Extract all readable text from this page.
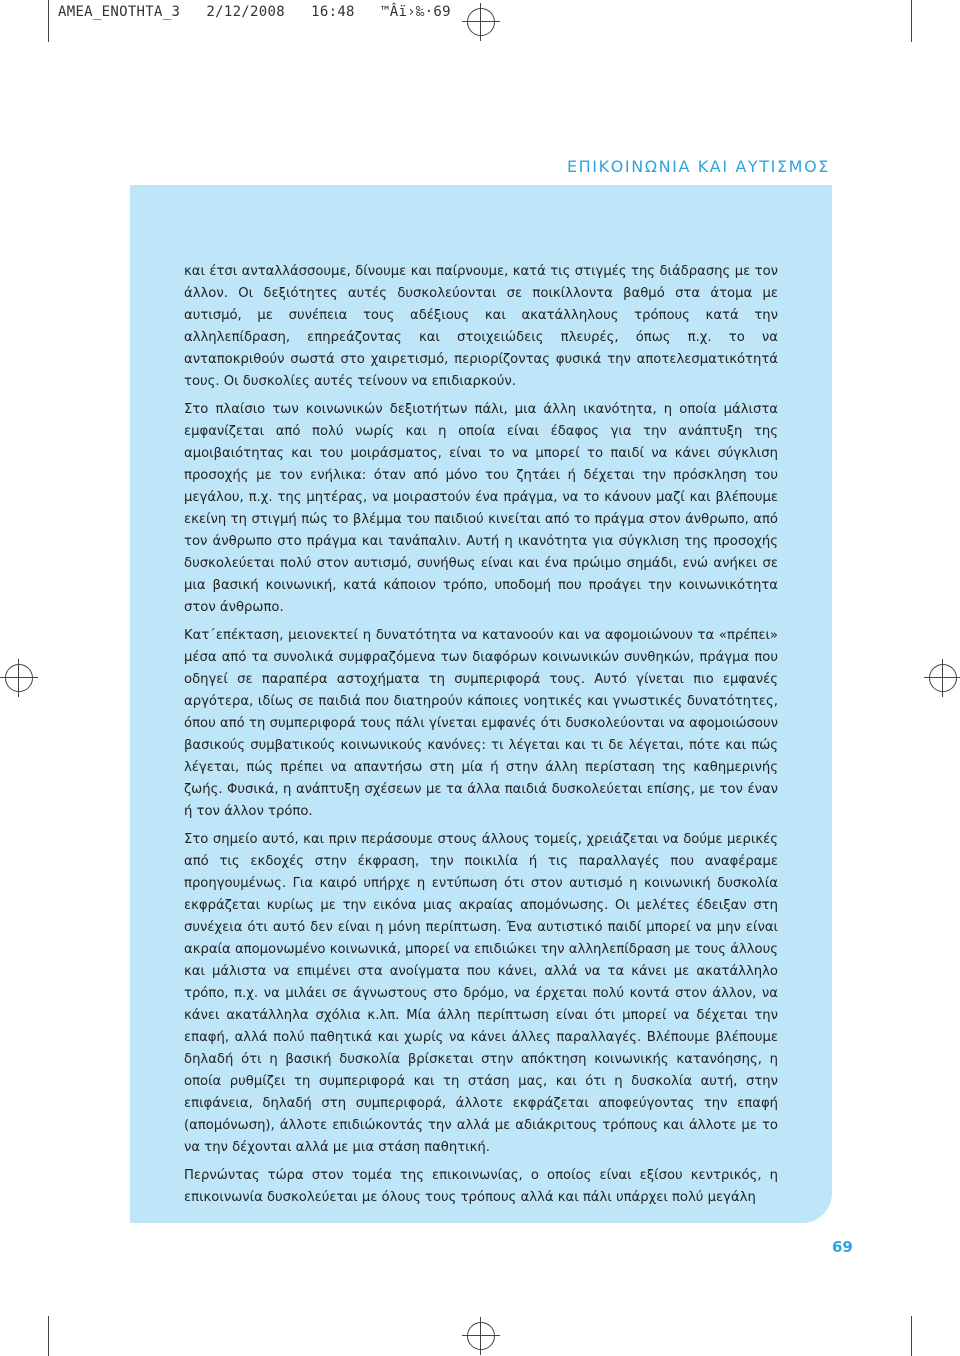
AMEA_ENOTHTA_3 2/12/2008 16:48 ™Âï›‰·69
ΕΠΙΚΟΙΝΩΝΙΑ ΚΑΙ ΑΥΤΙΣΜΟΣ

και έτσι ανταλλάσσουμε, δίνουμε και παίρνουμε, κατά τις στιγμές της διάδρασης με τον άλλον. Οι δεξιότητες αυτές δυσκολεύονται σε ποικίλλοντα βαθμό στα άτομα με αυτισμό, με συνέπεια τους αδέξιους και ακατάλληλους τρόπους κατά την αλληλεπίδραση, επηρεάζοντας και στοιχειώδεις πλευρές, όπως π.χ. το να ανταποκριθούν σωστά στο χαιρετισμό, περιορίζοντας φυσικά την αποτελεσματικότητά τους. Οι δυσκολίες αυτές τείνουν να επιδιαρκούν.

Στο πλαίσιο των κοινωνικών δεξιοτήτων πάλι, μια άλλη ικανότητα, η οποία μάλιστα εμφανίζεται από πολύ νωρίς και η οποία είναι έδαφος για την ανάπτυξη της αμοιβαιότητας και του μοιράσματος, είναι το να μπορεί το παιδί να κάνει σύγκλιση προσοχής με τον ενήλικα: όταν από μόνο του ζητάει ή δέχεται την πρόσκληση του μεγάλου, π.χ. της μητέρας, να μοιραστούν ένα πράγμα, να το κάνουν μαζί και βλέπουμε εκείνη τη στιγμή πώς το βλέμμα του παιδιού κινείται από το πράγμα στον άνθρωπο, από τον άνθρωπο στο πράγμα και τανάπαλιν. Αυτή η ικανότητα για σύγκλιση της προσοχής δυσκολεύεται πολύ στον αυτισμό, συνήθως είναι και ένα πρώιμο σημάδι, ενώ ανήκει σε μια βασική κοινωνική, κατά κάποιον τρόπο, υποδομή που προάγει την κοινωνικότητα στον άνθρωπο.

Κατ΄επέκταση, μειονεκτεί η δυνατότητα να κατανοούν και να αφομοιώνουν τα «πρέπει» μέσα από τα συνολικά συμφραζόμενα των διαφόρων κοινωνικών συνθηκών, πράγμα που οδηγεί σε παραπέρα αστοχήματα τη συμπεριφορά τους. Αυτό γίνεται πιο εμφανές αργότερα, ιδίως σε παιδιά που διατηρούν κάποιες νοητικές και γνωστικές δυνατότητες, όπου από τη συμπεριφορά τους πάλι γίνεται εμφανές ότι δυσκολεύονται να αφομοιώσουν βασικούς συμβατικούς κοινωνικούς κανόνες: τι λέγεται και τι δε λέγεται, πότε και πώς λέγεται, πώς πρέπει να απαντήσω στη μία ή στην άλλη περίσταση της καθημερινής ζωής. Φυσικά, η ανάπτυξη σχέσεων με τα άλλα παιδιά δυσκολεύεται επίσης, με τον έναν ή τον άλλον τρόπο.

Στο σημείο αυτό, και πριν περάσουμε στους άλλους τομείς, χρειάζεται να δούμε μερικές από τις εκδοχές στην έκφραση, την ποικιλία ή τις παραλλαγές που αναφέραμε προηγουμένως. Για καιρό υπήρχε η εντύπωση ότι στον αυτισμό η κοινωνική δυσκολία εκφράζεται κυρίως με την εικόνα μιας ακραίας απομόνωσης. Οι μελέτες έδειξαν στη συνέχεια ότι αυτό δεν είναι η μόνη περίπτωση. Ένα αυτιστικό παιδί μπορεί να μην είναι ακραία απομονωμένο κοινωνικά, μπορεί να επιδιώκει την αλληλεπίδραση με τους άλλους και μάλιστα να επιμένει στα ανοίγματα που κάνει, αλλά να τα κάνει με ακατάλληλο τρόπο, π.χ. να μιλάει σε άγνωστους στο δρόμο, να έρχεται πολύ κοντά στον άλλον, να κάνει ακατάλληλα σχόλια κ.λπ. Μία άλλη περίπτωση είναι ότι μπορεί να δέχεται την επαφή, αλλά πολύ παθητικά και χωρίς να κάνει άλλες παραλλαγές. Βλέπουμε βλέπουμε δηλαδή ότι η βασική δυσκολία βρίσκεται στην απόκτηση κοινωνικής κατανόησης, η οποία ρυθμίζει τη συμπεριφορά και τη στάση μας, και ότι η δυσκολία αυτή, στην επιφάνεια, δηλαδή στη συμπεριφορά, άλλοτε εκφράζεται αποφεύγοντας την επαφή (απομόνωση), άλλοτε επιδιώκοντάς την αλλά με αδιάκριτους τρόπους και άλλοτε με το να την δέχονται αλλά με μια στάση παθητική.

Περνώντας τώρα στον τομέα της επικοινωνίας, ο οποίος είναι εξίσου κεντρικός, η επικοινωνία δυσκολεύεται με όλους τους τρόπους αλλά και πάλι υπάρχει πολύ μεγάλη

69
